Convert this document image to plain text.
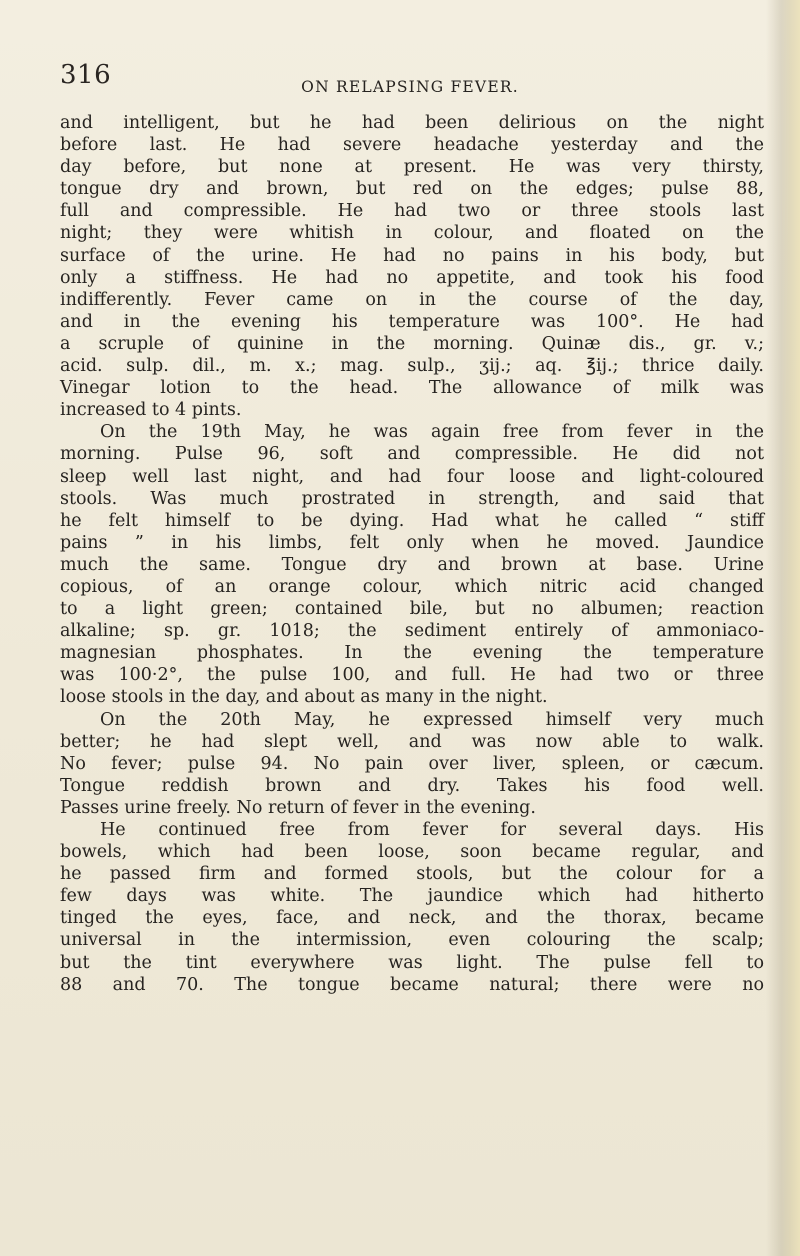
316	ON RELAPSING FEVER.
and intelligent, but he had been delirious on the night
before last. He had severe headache yesterday and the
day before, but none at present. He was very thirsty,
tongue dry and brown, but red on the edges; pulse 88,
full and compressible. He had two or three stools last
night; they were whitish in colour, and floated on the
surface of the urine. He had no pains in his body, but
only a stiffness. He had no appetite, and took his food
indifferently. Fever came on in the course of the day,
and in the evening his temperature was 100°. He had
a scruple of quinine in the morning. Quinæ dis., gr. v.;
acid. sulp. dil., m. x.; mag. sulp., ʒij.; aq. ℥ij.; thrice daily.
Vinegar lotion to the head. The allowance of milk was
increased to 4 pints.
On the 19th May, he was again free from fever in the
morning. Pulse 96, soft and compressible. He did not
sleep well last night, and had four loose and light-coloured
stools. Was much prostrated in strength, and said that
he felt himself to be dying. Had what he called “ stiff
pains ” in his limbs, felt only when he moved. Jaundice
much the same. Tongue dry and brown at base. Urine
copious, of an orange colour, which nitric acid changed
to a light green; contained bile, but no albumen; reaction
alkaline; sp. gr. 1018; the sediment entirely of ammoniaco-
magnesian phosphates. In the evening the temperature
was 100·2°, the pulse 100, and full. He had two or three
loose stools in the day, and about as many in the night.
On the 20th May, he expressed himself very much
better; he had slept well, and was now able to walk.
No fever; pulse 94. No pain over liver, spleen, or cæcum.
Tongue reddish brown and dry. Takes his food well.
Passes urine freely. No return of fever in the evening.
He continued free from fever for several days. His
bowels, which had been loose, soon became regular, and
he passed firm and formed stools, but the colour for a
few days was white. The jaundice which had hitherto
tinged the eyes, face, and neck, and the thorax, became
universal in the intermission, even colouring the scalp;
but the tint everywhere was light. The pulse fell to
88 and 70. The tongue became natural; there were no
